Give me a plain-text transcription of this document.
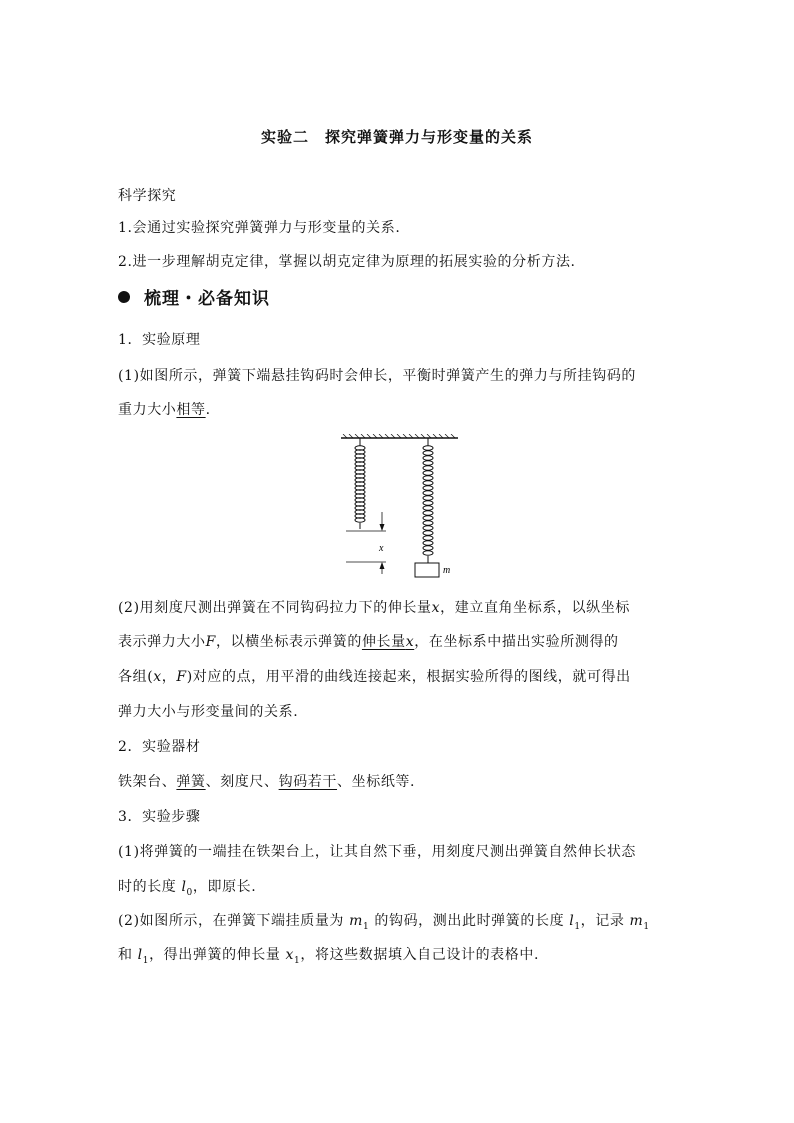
实验二　探究弹簧弹力与形变量的关系
科学探究
1.会通过实验探究弹簧弹力与形变量的关系.
2.进一步理解胡克定律，掌握以胡克定律为原理的拓展实验的分析方法.
梳理・必备知识
1．实验原理
(1)如图所示，弹簧下端悬挂钩码时会伸长，平衡时弹簧产生的弹力与所挂钩码的
重力大小相等.
x
m
(2)用刻度尺测出弹簧在不同钩码拉力下的伸长量x，建立直角坐标系，以纵坐标
表示弹力大小F，以横坐标表示弹簧的伸长量x，在坐标系中描出实验所测得的
各组(x，F)对应的点，用平滑的曲线连接起来，根据实验所得的图线，就可得出
弹力大小与形变量间的关系.
2．实验器材
铁架台、弹簧、刻度尺、钩码若干、坐标纸等.
3．实验步骤
(1)将弹簧的一端挂在铁架台上，让其自然下垂，用刻度尺测出弹簧自然伸长状态
时的长度 $l_0$，即原长.
(2)如图所示，在弹簧下端挂质量为 $m_1$ 的钩码，测出此时弹簧的长度 $l_1$，记录 $m_1$
和 $l_1$，得出弹簧的伸长量 $x_1$，将这些数据填入自己设计的表格中.
